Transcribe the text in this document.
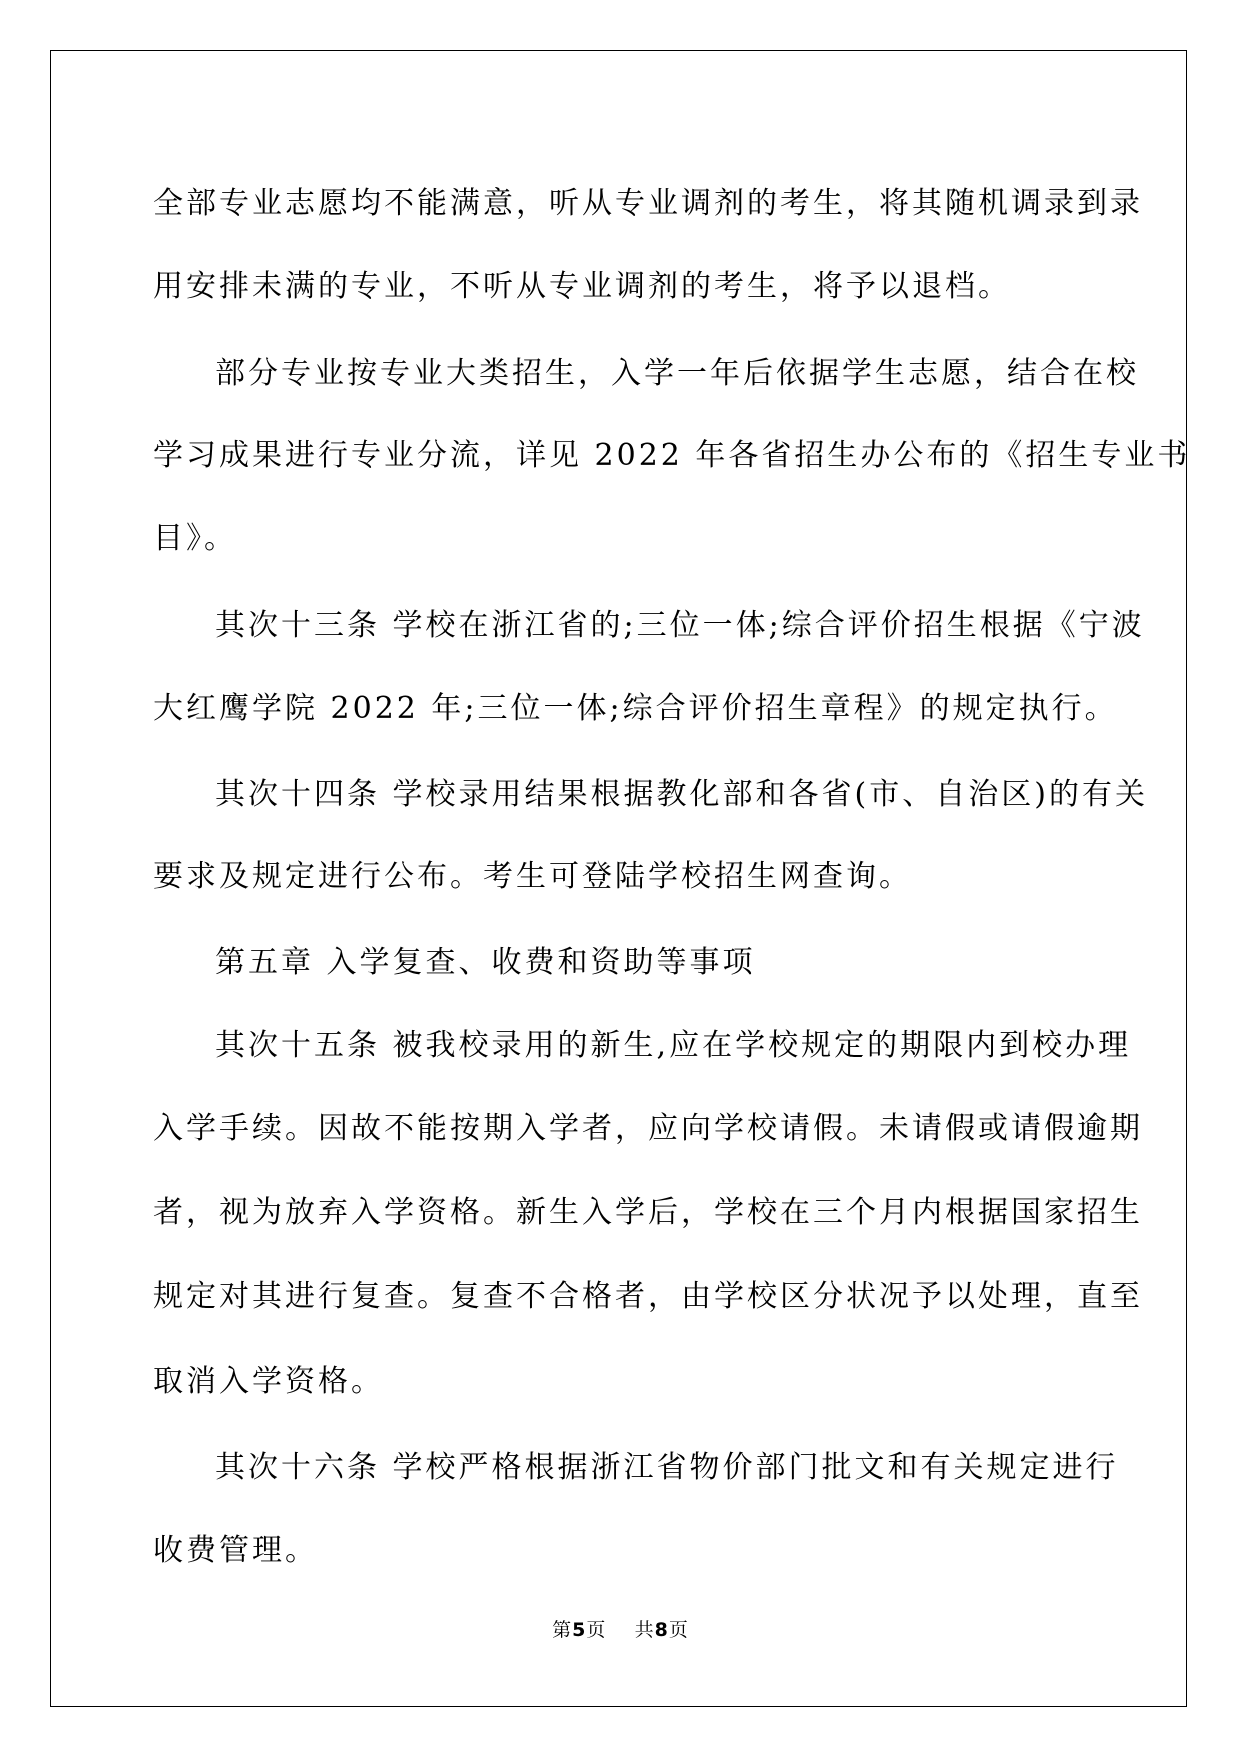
全部专业志愿均不能满意，听从专业调剂的考生，将其随机调录到录
用安排未满的专业，不听从专业调剂的考生，将予以退档。
部分专业按专业大类招生，入学一年后依据学生志愿，结合在校
学习成果进行专业分流，详见 2022 年各省招生办公布的《招生专业书
目》。
其次十三条 学校在浙江省的;三位一体;综合评价招生根据《宁波
大红鹰学院 2022 年;三位一体;综合评价招生章程》的规定执行。
其次十四条 学校录用结果根据教化部和各省(市、自治区)的有关
要求及规定进行公布。考生可登陆学校招生网查询。
第五章 入学复查、收费和资助等事项
其次十五条 被我校录用的新生,应在学校规定的期限内到校办理
入学手续。因故不能按期入学者，应向学校请假。未请假或请假逾期
者，视为放弃入学资格。新生入学后，学校在三个月内根据国家招生
规定对其进行复查。复查不合格者，由学校区分状况予以处理，直至
取消入学资格。
其次十六条 学校严格根据浙江省物价部门批文和有关规定进行
收费管理。
第5页    共8页
